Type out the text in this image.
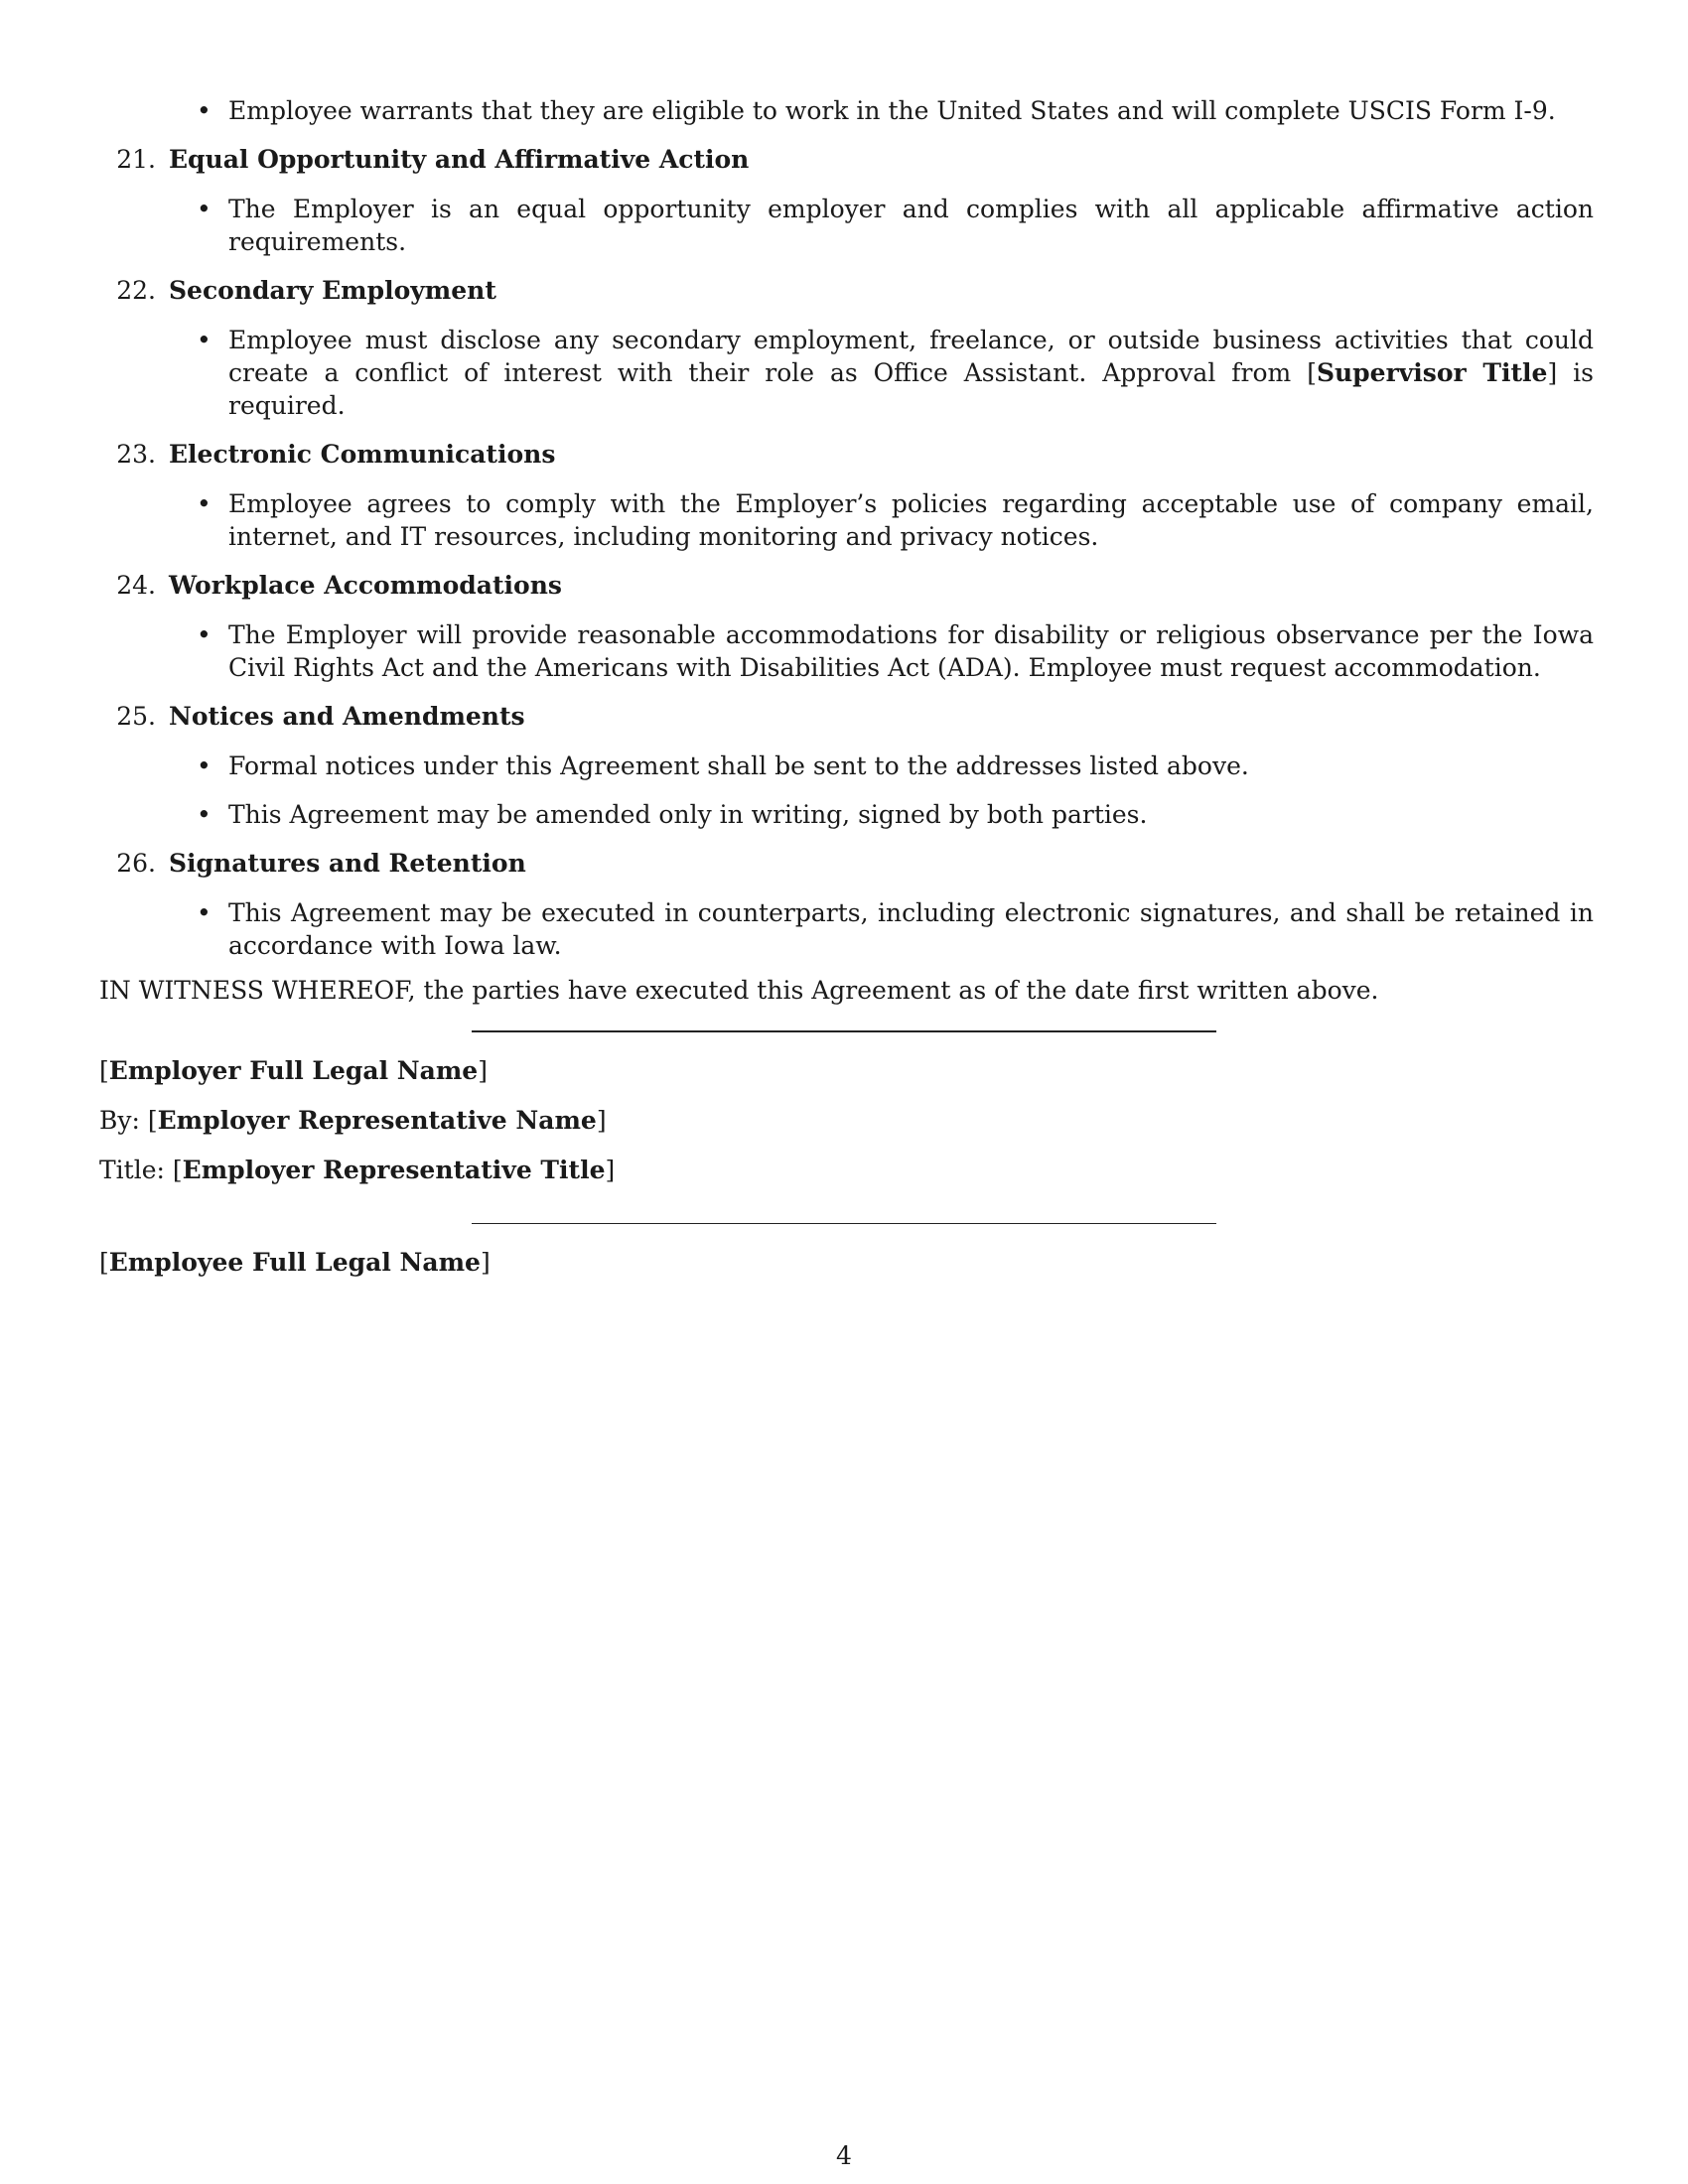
• Employee warrants that they are eligible to work in the United States and will complete USCIS Form I-9.
21. Equal Opportunity and Affirmative Action
• The Employer is an equal opportunity employer and complies with all applicable affirmative action requirements.
22. Secondary Employment
• Employee must disclose any secondary employment, freelance, or outside business activities that could create a conflict of interest with their role as Office Assistant. Approval from [Supervisor Title] is required.
23. Electronic Communications
• Employee agrees to comply with the Employer’s policies regarding acceptable use of company email, internet, and IT resources, including monitoring and privacy notices.
24. Workplace Accommodations
• The Employer will provide reasonable accommodations for disability or religious observance per the Iowa Civil Rights Act and the Americans with Disabilities Act (ADA). Employee must request accommodation.
25. Notices and Amendments
• Formal notices under this Agreement shall be sent to the addresses listed above.
• This Agreement may be amended only in writing, signed by both parties.
26. Signatures and Retention
• This Agreement may be executed in counterparts, including electronic signatures, and shall be retained in accordance with Iowa law.

IN WITNESS WHEREOF, the parties have executed this Agreement as of the date first written above.

[Employer Full Legal Name]

By: [Employer Representative Name]

Title: [Employer Representative Title]

[Employee Full Legal Name]

4
